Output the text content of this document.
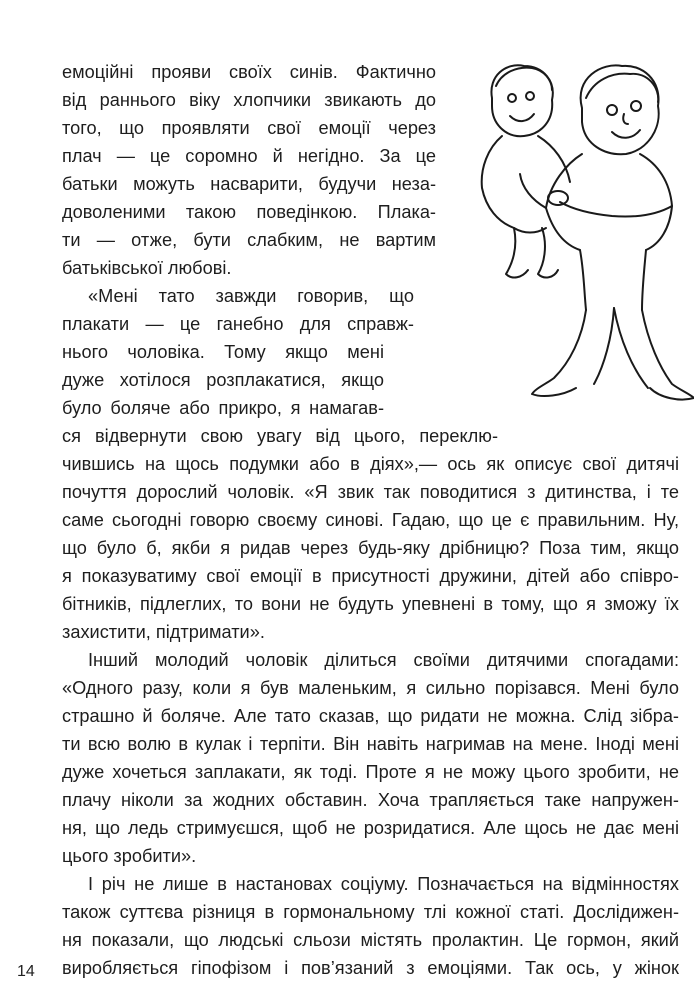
емоційні прояви своїх синів. Фактично
від раннього віку хлопчики звикають до
того, що проявляти свої емоції через
плач — це соромно й негідно. За це
батьки можуть насварити, будучи неза-
доволеними такою поведінкою. Плака-
ти — отже, бути слабким, не вартим
батьківської любові.
«Мені тато завжди говорив, що
плакати — це ганебно для справж-
нього чоловіка. Тому якщо мені
дуже хотілося розплакатися, якщо
було боляче або прикро, я намагав-
ся відвернути свою увагу від цього, переклю-
чившись на щось подумки або в діях»,— ось як описує свої дитячі
почуття дорослий чоловік. «Я звик так поводитися з дитинства, і те
саме сьогодні говорю своєму синові. Гадаю, що це є правильним. Ну,
що було б, якби я ридав через будь-яку дрібницю? Поза тим, якщо
я показуватиму свої емоції в присутності дружини, дітей або співро-
бітників, підлеглих, то вони не будуть упевнені в тому, що я зможу їх
захистити, підтримати».
Інший молодий чоловік ділиться своїми дитячими спогадами:
«Одного разу, коли я був маленьким, я сильно порізався. Мені було
страшно й боляче. Але тато сказав, що ридати не можна. Слід зібра-
ти всю волю в кулак і терпіти. Він навіть нагримав на мене. Іноді мені
дуже хочеться заплакати, як тоді. Проте я не можу цього зробити, не
плачу ніколи за жодних обставин. Хоча трапляється таке напружен-
ня, що ледь стримуєшся, щоб не розридатися. Але щось не дає мені
цього зробити».
І річ не лише в настановах соціуму. Позначається на відмінностях
також суттєва різниця в гормональному тлі кожної статі. Дослідижен-
ня показали, що людські сльози містять пролактин. Це гормон, який
виробляється гіпофізом і пов’язаний з емоціями. Так ось, у жінок
14
